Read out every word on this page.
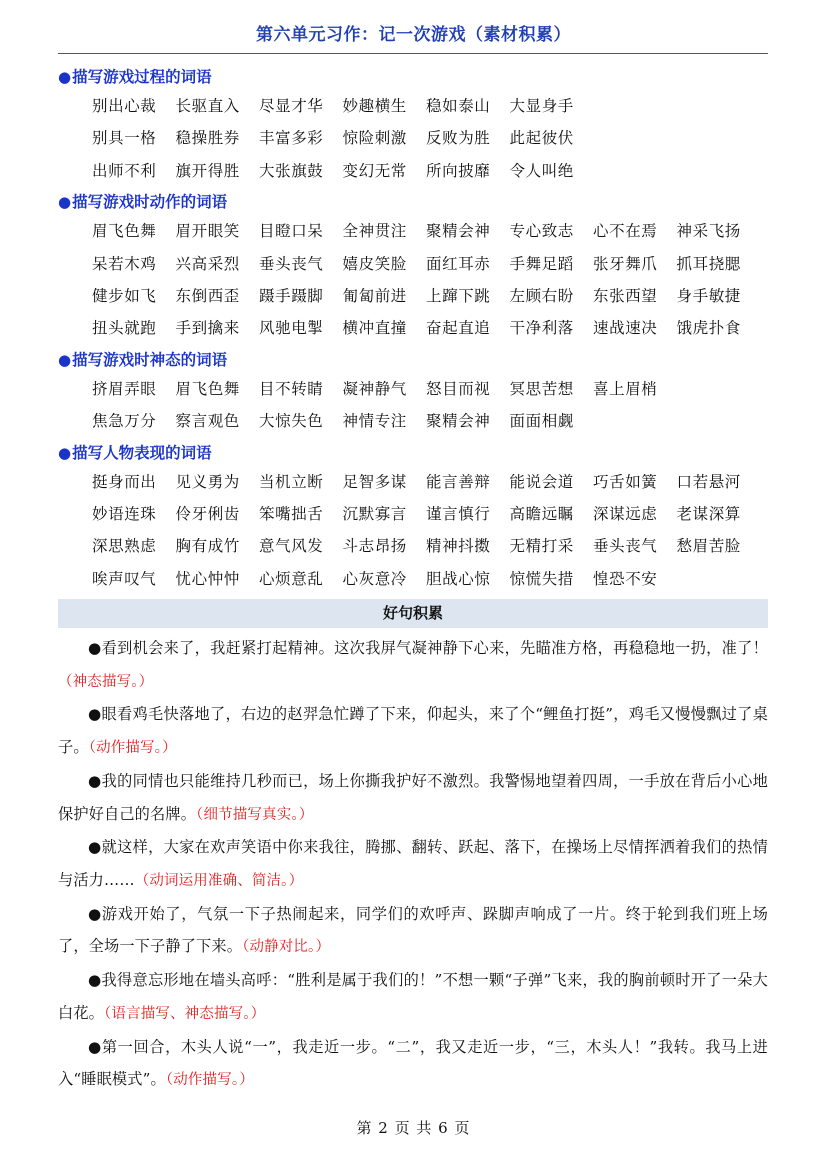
第六单元习作：记一次游戏（素材积累）
●描写游戏过程的词语
别出心裁	长驱直入	尽显才华	妙趣横生	稳如泰山	大显身手
别具一格	稳操胜券	丰富多彩	惊险刺激	反败为胜	此起彼伏
出师不利	旗开得胜	大张旗鼓	变幻无常	所向披靡	令人叫绝
●描写游戏时动作的词语
眉飞色舞	眉开眼笑	目瞪口呆	全神贯注	聚精会神	专心致志	心不在焉	神采飞扬
呆若木鸡	兴高采烈	垂头丧气	嬉皮笑脸	面红耳赤	手舞足蹈	张牙舞爪	抓耳挠腮
健步如飞	东倒西歪	蹑手蹑脚	匍匐前进	上蹿下跳	左顾右盼	东张西望	身手敏捷
扭头就跑	手到擒来	风驰电掣	横冲直撞	奋起直追	干净利落	速战速决	饿虎扑食
●描写游戏时神态的词语
挤眉弄眼	眉飞色舞	目不转睛	凝神静气	怒目而视	冥思苦想	喜上眉梢
焦急万分	察言观色	大惊失色	神情专注	聚精会神	面面相觑
●描写人物表现的词语
挺身而出	见义勇为	当机立断	足智多谋	能言善辩	能说会道	巧舌如簧	口若悬河
妙语连珠	伶牙俐齿	笨嘴拙舌	沉默寡言	谨言慎行	高瞻远瞩	深谋远虑	老谋深算
深思熟虑	胸有成竹	意气风发	斗志昂扬	精神抖擞	无精打采	垂头丧气	愁眉苦脸
唉声叹气	忧心忡忡	心烦意乱	心灰意冷	胆战心惊	惊慌失措	惶恐不安
好句积累

●看到机会来了，我赶紧打起精神。这次我屏气凝神静下心来，先瞄准方格，再稳稳地一扔，准了！（神态描写。）

●眼看鸡毛快落地了，右边的赵羿急忙蹲了下来，仰起头，来了个“鲤鱼打挺”，鸡毛又慢慢飘过了桌子。（动作描写。）

●我的同情也只能维持几秒而已，场上你撕我护好不激烈。我警惕地望着四周，一手放在背后小心地保护好自己的名牌。（细节描写真实。）

●就这样，大家在欢声笑语中你来我往，腾挪、翻转、跃起、落下，在操场上尽情挥洒着我们的热情与活力……（动词运用准确、简洁。）

●游戏开始了，气氛一下子热闹起来，同学们的欢呼声、跺脚声响成了一片。终于轮到我们班上场了，全场一下子静了下来。（动静对比。）

●我得意忘形地在墙头高呼：“胜利是属于我们的！”不想一颗“子弹”飞来，我的胸前顿时开了一朵大白花。（语言描写、神态描写。）

●第一回合，木头人说“一”，我走近一步。“二”，我又走近一步，“三，木头人！”我转。我马上进入“睡眠模式”。（动作描写。）

第 2 页 共 6 页
